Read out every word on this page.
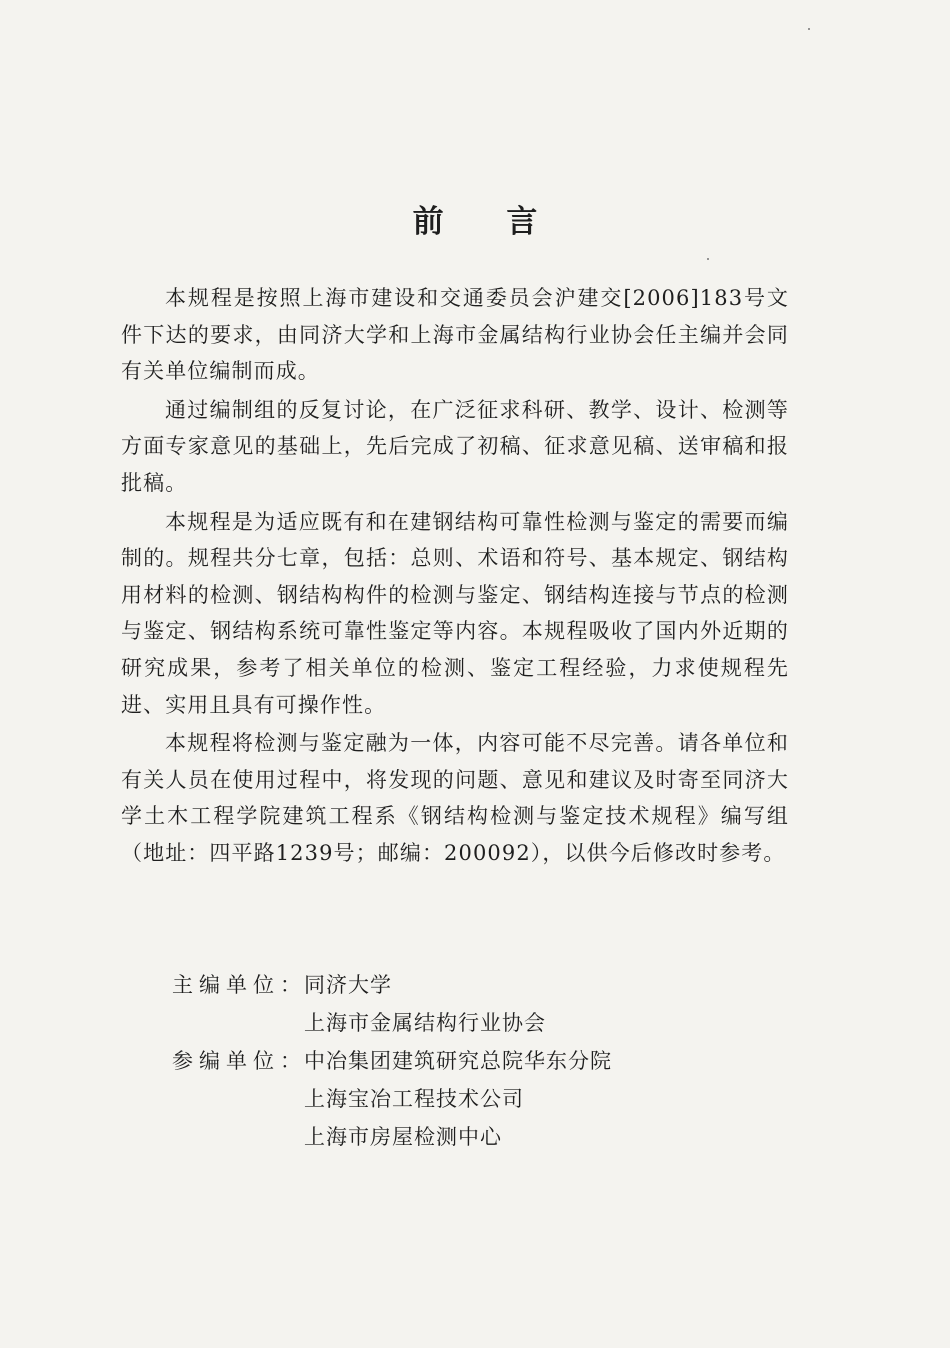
前 言

本规程是按照上海市建设和交通委员会沪建交[2006]183号文件下达的要求，由同济大学和上海市金属结构行业协会任主编并会同有关单位编制而成。

通过编制组的反复讨论，在广泛征求科研、教学、设计、检测等方面专家意见的基础上，先后完成了初稿、征求意见稿、送审稿和报批稿。

本规程是为适应既有和在建钢结构可靠性检测与鉴定的需要而编制的。规程共分七章，包括：总则、术语和符号、基本规定、钢结构用材料的检测、钢结构构件的检测与鉴定、钢结构连接与节点的检测与鉴定、钢结构系统可靠性鉴定等内容。本规程吸收了国内外近期的研究成果，参考了相关单位的检测、鉴定工程经验，力求使规程先进、实用且具有可操作性。

本规程将检测与鉴定融为一体，内容可能不尽完善。请各单位和有关人员在使用过程中，将发现的问题、意见和建议及时寄至同济大学土木工程学院建筑工程系《钢结构检测与鉴定技术规程》编写组（地址：四平路1239号；邮编：200092），以供今后修改时参考。

主编单位：
同济大学
上海市金属结构行业协会
参编单位：
中冶集团建筑研究总院华东分院
上海宝冶工程技术公司
上海市房屋检测中心
